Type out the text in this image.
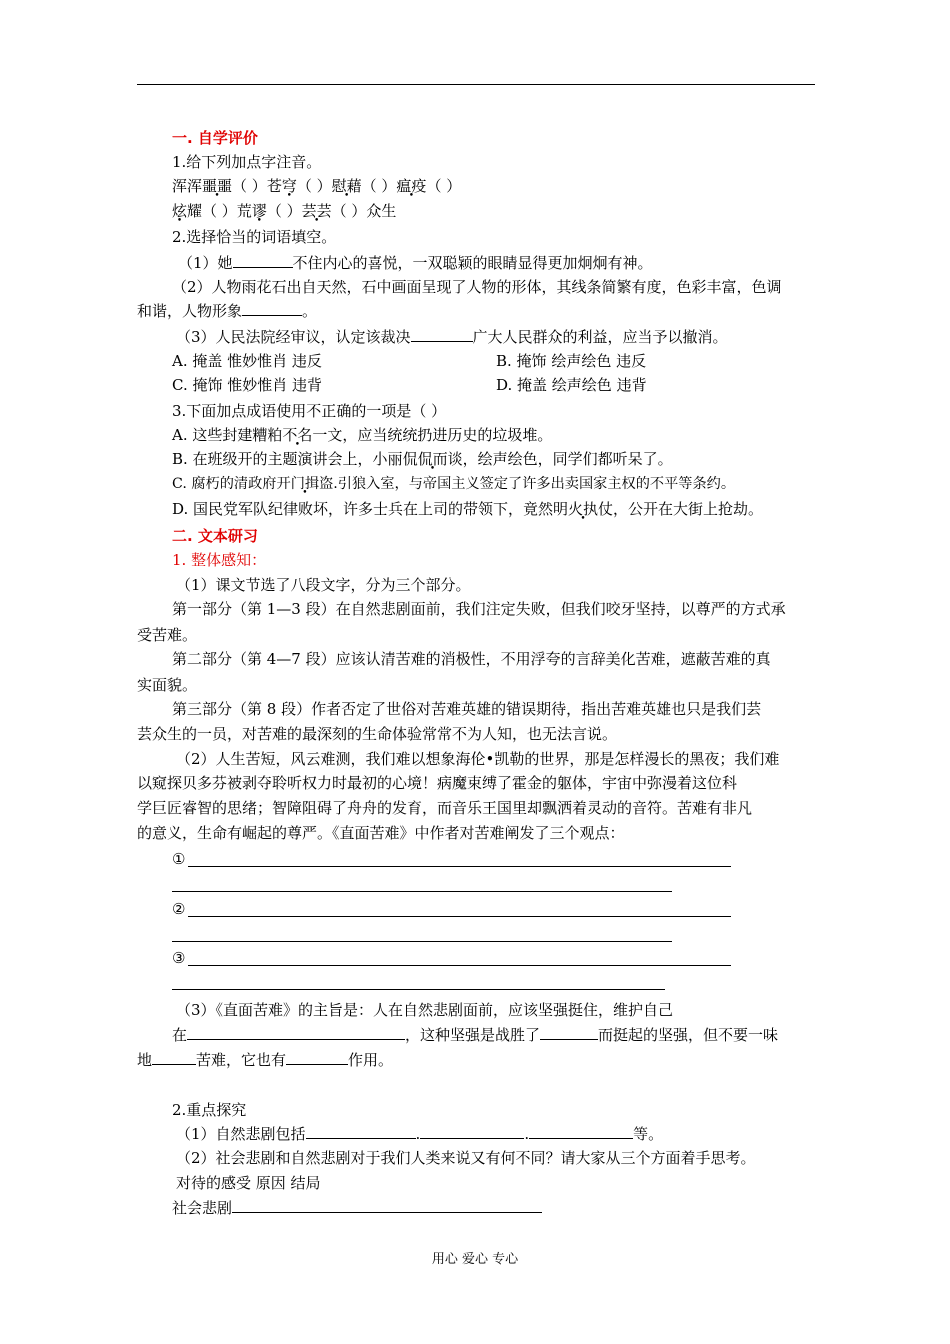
一. 自学评价
1.给下列加点字注音。
浑浑噩噩（ ）苍穹（ ）慰藉（ ）瘟疫（ ）
炫耀（ ）荒谬（ ）芸芸（ ）众生
2.选择恰当的词语填空。
（1）她	不住内心的喜悦，一双聪颖的眼睛显得更加炯炯有神。
（2）人物雨花石出自天然，石中画面呈现了人物的形体，其线条简繁有度，色彩丰富，色调
和谐，人物形象	。
（3）人民法院经审议，认定该裁决	广大人民群众的利益，应当予以撤消。
A. 掩盖 惟妙惟肖 违反	B. 掩饰 绘声绘色 违反
C. 掩饰 惟妙惟肖 违背	D. 掩盖 绘声绘色 违背
3.下面加点成语使用不正确的一项是（ ）
A. 这些封建糟粕不名一文 •，应当统统扔进历史的垃圾堆。
B. 在班级开的主题演讲会上，小丽侃侃而谈，绘声绘色，同学们都听呆了。
C. 腐朽的清政府开门揖盗.引狼入室，与帝国主义签定了许多出卖国家主权的不平等条约。
D. 国民党军队纪律败坏，许多士兵在上司的带领下，竟然明火执仗，公开在大街上抢劫。
二. 文本研习
1. 整体感知：
（1）课文节选了八段文字，分为三个部分。
第一部分（第 1—3 段）在自然悲剧面前，我们注定失败，但我们咬牙坚持，以尊严的方式承
受苦难。
第二部分（第 4—7 段）应该认清苦难的消极性，不用浮夸的言辞美化苦难，遮蔽苦难的真
实面貌。
第三部分（第 8 段）作者否定了世俗对苦难英雄的错误期待，指出苦难英雄也只是我们芸
芸众生的一员，对苦难的最深刻的生命体验常常不为人知，也无法言说。
（2）人生苦短，风云难测，我们难以想象海伦•凯勒的世界，那是怎样漫长的黑夜；我们难
以窥探贝多芬被剥夺聆听权力时最初的心境！病魔束缚了霍金的躯体，宇宙中弥漫着这位科
学巨匠睿智的思绪；智障阻碍了舟舟的发育，而音乐王国里却飘洒着灵动的音符。苦难有非凡
的意义，生命有崛起的尊严。《直面苦难》中作者对苦难阐发了三个观点：
①
②
③
（3）《直面苦难》的主旨是：人在自然悲剧面前，应该坚强挺住，维护自己
在	，这种坚强是战胜了	而挺起的坚强，但不要一味
地	苦难，它也有	作用。
2.重点探究
（1）自然悲剧包括	.	.	等。
（2）社会悲剧和自然悲剧对于我们人类来说又有何不同？请大家从三个方面着手思考。
对待的感受 原因 结局
社会悲剧
用心 爱心 专心
